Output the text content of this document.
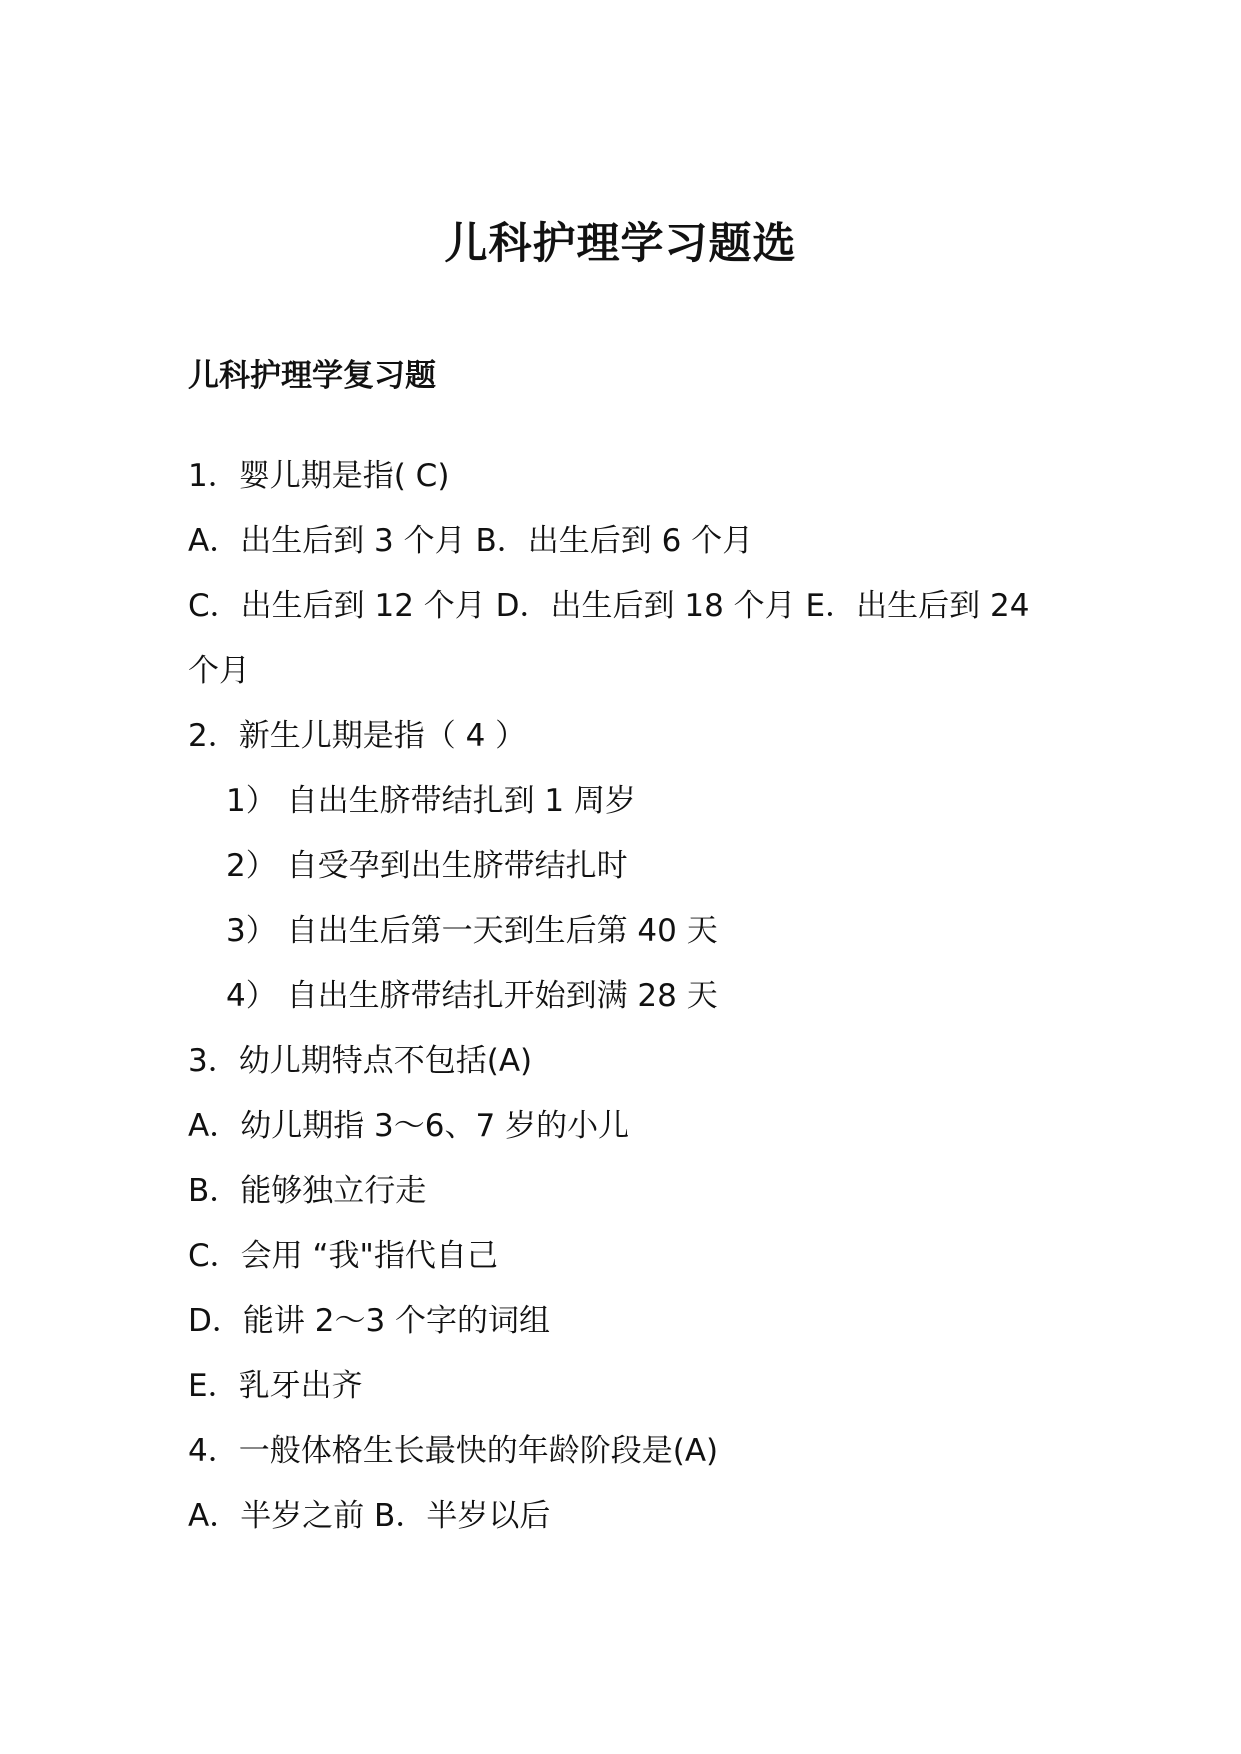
儿科护理学习题选
儿科护理学复习题
1．婴儿期是指( C)
A．出生后到 3 个月 B．出生后到 6 个月
C．出生后到 12 个月 D．出生后到 18 个月 E．出生后到 24
个月
2．新生儿期是指（ 4 ）
1） 自出生脐带结扎到 1 周岁
2） 自受孕到出生脐带结扎时
3） 自出生后第一天到生后第 40 天
4） 自出生脐带结扎开始到满 28 天
3．幼儿期特点不包括(A)
A．幼儿期指 3～6、7 岁的小儿
B．能够独立行走
C．会用 “我"指代自己
D．能讲 2～3 个字的词组
E．乳牙出齐
4．一般体格生长最快的年龄阶段是(A)
A．半岁之前 B．半岁以后
